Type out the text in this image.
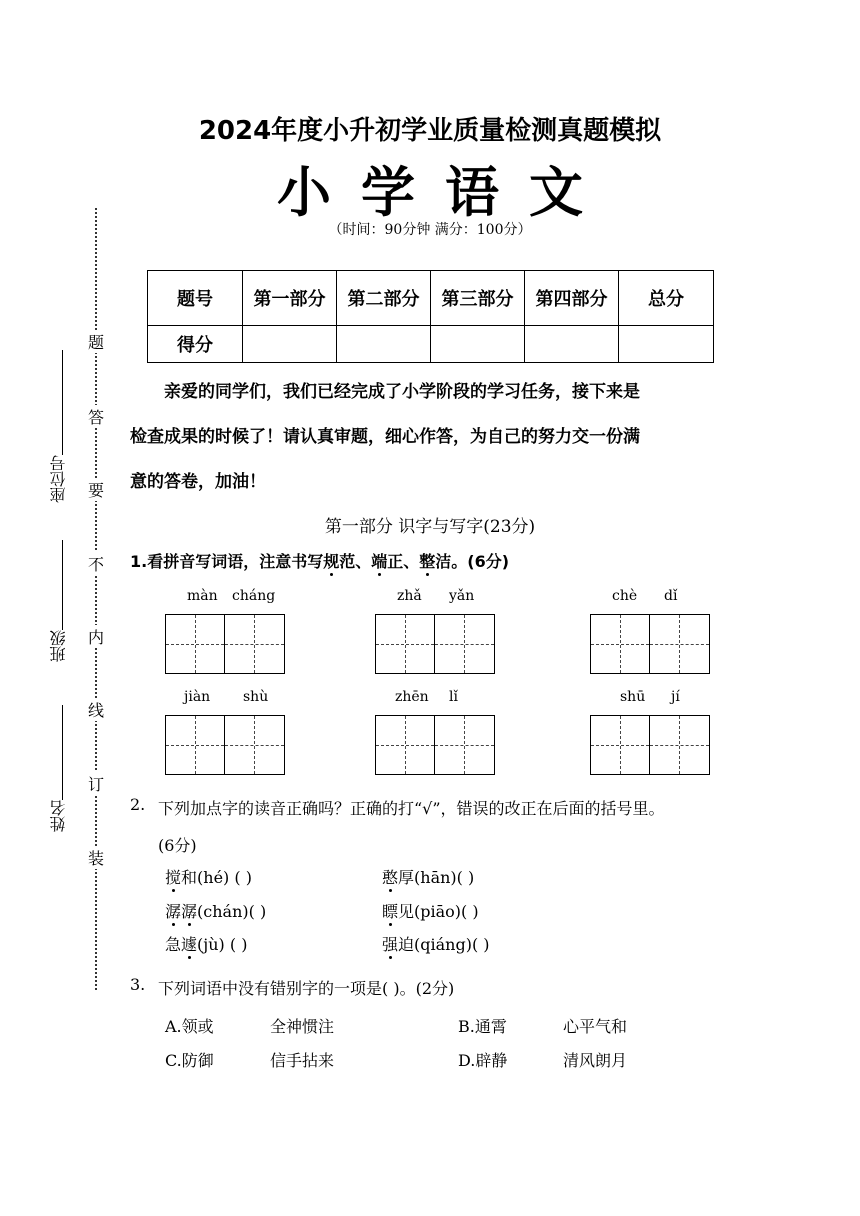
题
答
要
不
内
线
订
装
座位号
班级
姓名
2024年度小升初学业质量检测真题模拟
小学语文
（时间：90分钟 满分：100分）
题号	第一部分	第二部分	第三部分	第四部分	总分
得分					

亲爱的同学们，我们已经完成了小学阶段的学习任务，接下来是

检查成果的时候了！请认真审题，细心作答，为自己的努力交一份满
意的答卷，加油！
第一部分 识字与写字(23分)
1.看拼音写词语，注意书写规范、端正、整洁。(6分)
màn cháng	zhǎ yǎn	chè dǐ
jiàn shù	zhēn lǐ	shū jí
2. 下列加点字的读音正确吗？正确的打“√”，错误的改正在后面的括号里。
(6分)
搅和(hé) ( )	憨厚(hān)( )
潺潺(chán)( )	瞟见(piāo)( )
急遽(jù) ( )	强迫(qiáng)( )
3. 下列词语中没有错别字的一项是( )。(2分)
A.领或	全神惯注	B.通霄	心平气和
C.防御	信手拈来	D.辟静	清风朗月
